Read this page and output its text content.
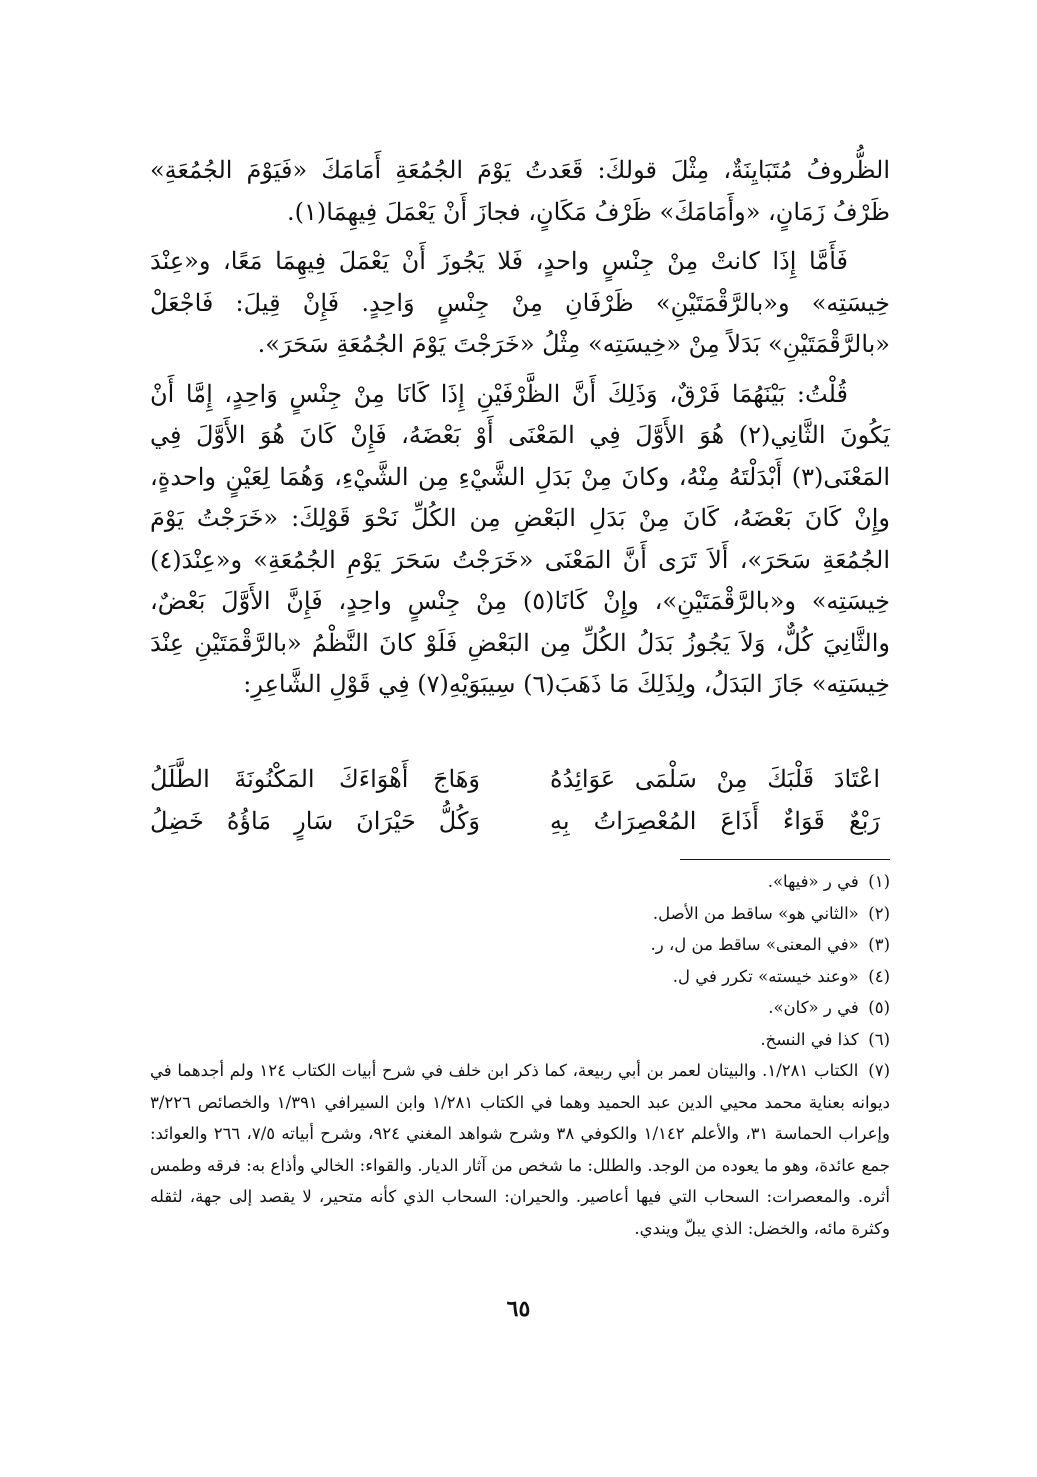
الظُّروفُ مُتَبَايِنَةٌ، مِثْلَ قولكَ: قَعَدتُ يَوْمَ الجُمُعَةِ أَمَامَكَ «فَيَوْمَ الجُمُعَةِ» ظَرْفُ زَمَانٍ، «وأَمَامَكَ» ظَرْفُ مَكَانٍ، فجازَ أَنْ يَعْمَلَ فِيهِمَا(١).

فَأَمَّا إِذَا كانتْ مِنْ جِنْسٍ واحدٍ، فَلا يَجُوزَ أَنْ يَعْمَلَ فِيهِمَا مَعًا، و«عِنْدَ خِيسَتِه» و«بالرَّقْمَتَيْنِ» ظَرْفَانِ مِنْ جِنْسٍ وَاحِدٍ. فَإِنْ قِيلَ: فَاجْعَلْ «بالرَّقْمَتَيْنِ» بَدَلاً مِنْ «خِيسَتِه» مِثْلُ «خَرَجْتَ يَوْمَ الجُمُعَةِ سَحَرَ».

قُلْتُ: بَيْنَهُمَا فَرْقٌ، وَذَلِكَ أَنَّ الظَّرْفَيْنِ إِذَا كَانَا مِنْ جِنْسٍ وَاحِدٍ، إِمَّا أَنْ يَكُونَ الثَّانِي(٢) هُوَ الأَوَّلَ فِي المَعْنَى أَوْ بَعْضَهُ، فَإِنْ كَانَ هُوَ الأَوَّلَ فِي المَعْنَى(٣) أَبْدَلْتَهُ مِنْهُ، وكانَ مِنْ بَدَلِ الشَّيْءِ مِن الشَّيْءِ، وَهُمَا لِعَيْنٍ واحدةٍ، وإِنْ كَانَ بَعْضَهُ، كَانَ مِنْ بَدَلِ البَعْضِ مِن الكُلِّ نَحْوَ قَوْلِكَ: «خَرَجْتُ يَوْمَ الجُمُعَةِ سَحَرَ»، أَلاَ تَرَى أَنَّ المَعْنَى «خَرَجْتُ سَحَرَ يَوْمِ الجُمُعَةِ» و«عِنْدَ(٤) خِيسَتِه» و«بالرَّقْمَتَيْنِ»، وإِنْ كَانَا(٥) مِنْ جِنْسٍ واحِدٍ، فَإِنَّ الأَوَّلَ بَعْضٌ، والثَّانِيَ كُلٌّ، وَلاَ يَجُوزُ بَدَلُ الكُلِّ مِن البَعْضِ فَلَوْ كانَ النَّظْمُ «بالرَّقْمَتَيْنِ عِنْدَ خِيسَتِه» جَازَ البَدَلُ، ولِذَلِكَ مَا ذَهَبَ(٦) سِيبَوَيْهِ(٧) فِي قَوْلِ الشَّاعِرِ:

اعْتَادَ قَلْبَكَ مِنْ سَلْمَى عَوَائِدُهُ
وَهَاجَ أَهْوَاءَكَ المَكْنُونَةَ الطَّلَلُ
رَبْعٌ قَوَاءٌ أَذَاعَ المُعْصِرَاتُ بِهِ
وَكُلُّ حَيْرَانَ سَارٍ مَاؤُهُ خَضِلُ

(١) في ر «فيها».

(٢) «الثاني هو» ساقط من الأصل.

(٣) «في المعنى» ساقط من ل، ر.

(٤) «وعند خيسته» تكرر في ل.

(٥) في ر «كان».

(٦) كذا في النسخ.

(٧) الكتاب ١/٢٨١. والبيتان لعمر بن أبي ربيعة، كما ذكر ابن خلف في شرح أبيات الكتاب ١٢٤ ولم أجدهما في ديوانه بعناية محمد محيي الدين عبد الحميد وهما في الكتاب ١/٢٨١ وابن السيرافي ١/٣٩١ والخصائص ٣/٢٢٦ وإعراب الحماسة ٣١، والأعلم ١/١٤٢ والكوفي ٣٨ وشرح شواهد المغني ٩٢٤، وشرح أبياته ٧/٥، ٢٦٦ والعوائد: جمع عائدة، وهو ما يعوده من الوجد. والطلل: ما شخص من آثار الديار. والقواء: الخالي وأذاع به: فرقه وطمس أثره. والمعصرات: السحاب التي فيها أعاصير. والحيران: السحاب الذي كأنه متحير، لا يقصد إلى جهة، لثقله وكثرة مائه، والخضل: الذي يبلّ ويندي.

٦٥
